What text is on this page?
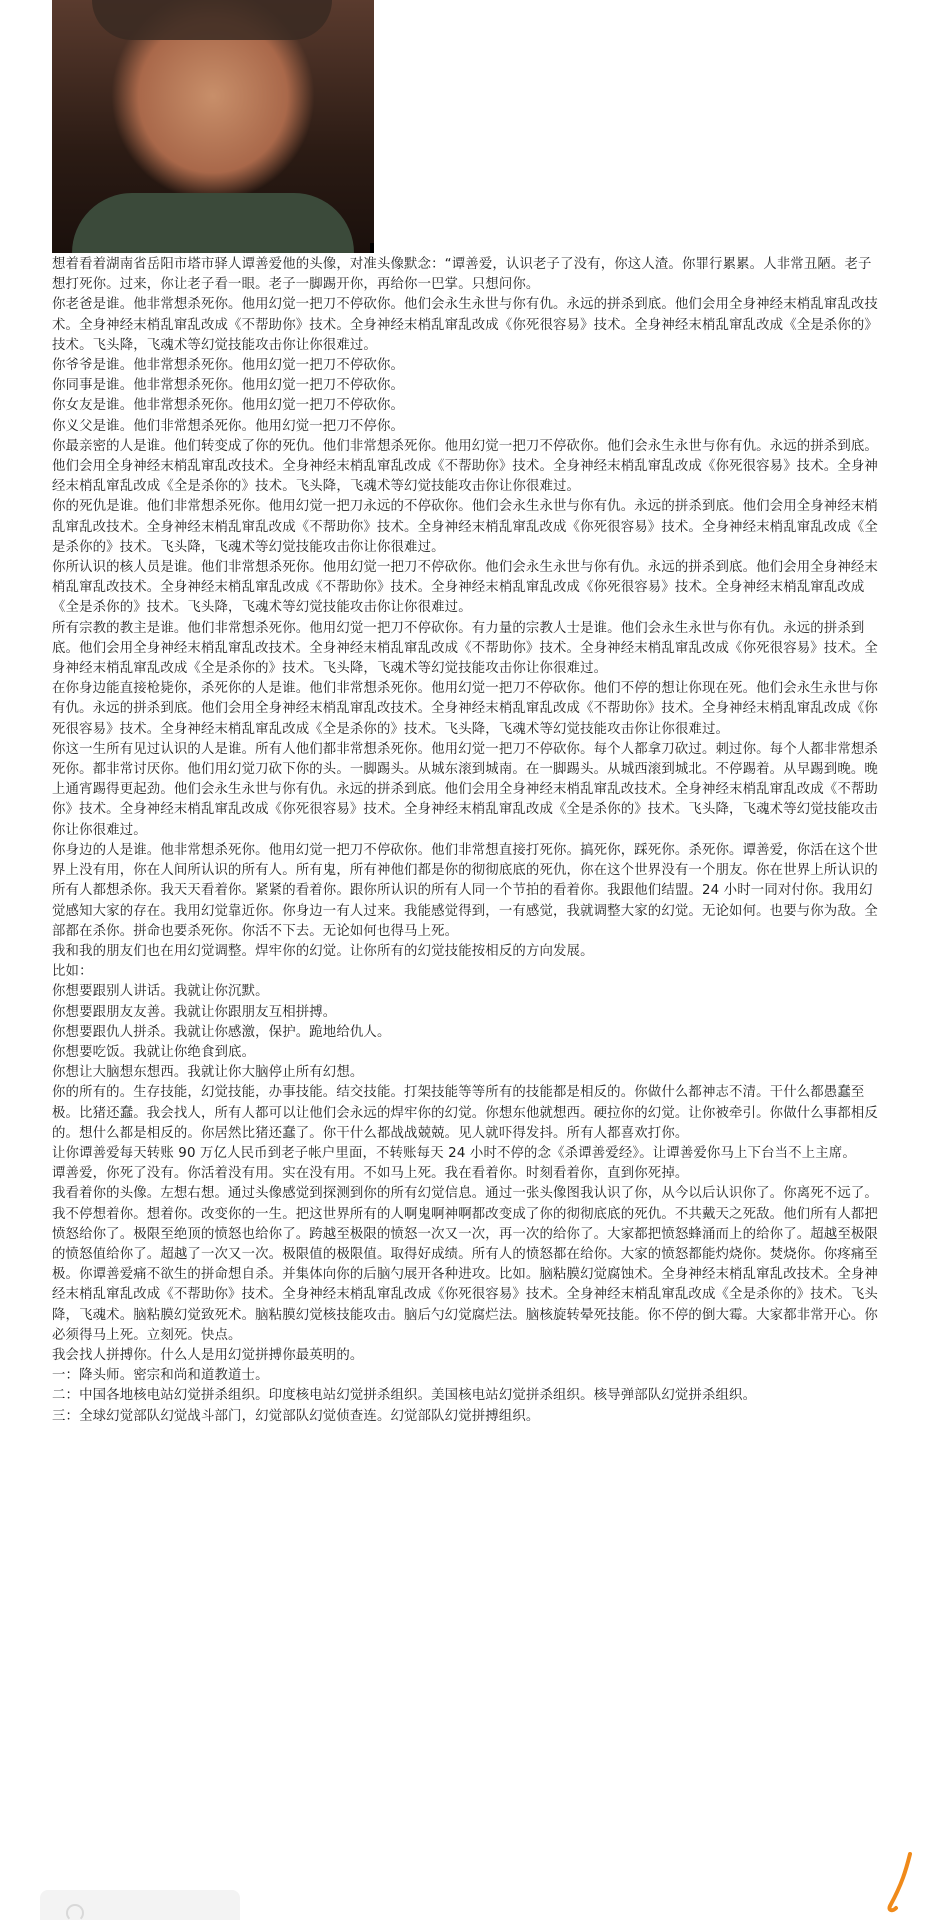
想着看着湖南省岳阳市塔市驿人谭善爱他的头像，对准头像默念：“谭善爱，认识老子了没有，你这人渣。你罪行累累。人非常丑陋。老子想打死你。过来，你让老子看一眼。老子一脚踢开你，再给你一巴掌。只想问你。

你老爸是谁。他非常想杀死你。他用幻觉一把刀不停砍你。他们会永生永世与你有仇。永远的拼杀到底。他们会用全身神经末梢乱窜乱改技术。全身神经末梢乱窜乱改成《不帮助你》技术。全身神经末梢乱窜乱改成《你死很容易》技术。全身神经末梢乱窜乱改成《全是杀你的》技术。飞头降，飞魂术等幻觉技能攻击你让你很难过。

你爷爷是谁。他非常想杀死你。他用幻觉一把刀不停砍你。

你同事是谁。他非常想杀死你。他用幻觉一把刀不停砍你。

你女友是谁。他非常想杀死你。他用幻觉一把刀不停砍你。

你义父是谁。他们非常想杀死你。他用幻觉一把刀不停你。

你最亲密的人是谁。他们转变成了你的死仇。他们非常想杀死你。他用幻觉一把刀不停砍你。他们会永生永世与你有仇。永远的拼杀到底。他们会用全身神经末梢乱窜乱改技术。全身神经末梢乱窜乱改成《不帮助你》技术。全身神经末梢乱窜乱改成《你死很容易》技术。全身神经末梢乱窜乱改成《全是杀你的》技术。飞头降，飞魂术等幻觉技能攻击你让你很难过。

你的死仇是谁。他们非常想杀死你。他用幻觉一把刀永远的不停砍你。他们会永生永世与你有仇。永远的拼杀到底。他们会用全身神经末梢乱窜乱改技术。全身神经末梢乱窜乱改成《不帮助你》技术。全身神经末梢乱窜乱改成《你死很容易》技术。全身神经末梢乱窜乱改成《全是杀你的》技术。飞头降，飞魂术等幻觉技能攻击你让你很难过。

你所认识的核人员是谁。他们非常想杀死你。他用幻觉一把刀不停砍你。他们会永生永世与你有仇。永远的拼杀到底。他们会用全身神经末梢乱窜乱改技术。全身神经末梢乱窜乱改成《不帮助你》技术。全身神经末梢乱窜乱改成《你死很容易》技术。全身神经末梢乱窜乱改成《全是杀你的》技术。飞头降，飞魂术等幻觉技能攻击你让你很难过。

所有宗教的教主是谁。他们非常想杀死你。他用幻觉一把刀不停砍你。有力量的宗教人士是谁。他们会永生永世与你有仇。永远的拼杀到底。他们会用全身神经末梢乱窜乱改技术。全身神经末梢乱窜乱改成《不帮助你》技术。全身神经末梢乱窜乱改成《你死很容易》技术。全身神经末梢乱窜乱改成《全是杀你的》技术。飞头降，飞魂术等幻觉技能攻击你让你很难过。

在你身边能直接枪毙你，杀死你的人是谁。他们非常想杀死你。他用幻觉一把刀不停砍你。他们不停的想让你现在死。他们会永生永世与你有仇。永远的拼杀到底。他们会用全身神经末梢乱窜乱改技术。全身神经末梢乱窜乱改成《不帮助你》技术。全身神经末梢乱窜乱改成《你死很容易》技术。全身神经末梢乱窜乱改成《全是杀你的》技术。飞头降，飞魂术等幻觉技能攻击你让你很难过。

你这一生所有见过认识的人是谁。所有人他们都非常想杀死你。他用幻觉一把刀不停砍你。每个人都拿刀砍过。刺过你。每个人都非常想杀死你。都非常讨厌你。他们用幻觉刀砍下你的头。一脚踢头。从城东滚到城南。在一脚踢头。从城西滚到城北。不停踢着。从早踢到晚。晚上通宵踢得更起劲。他们会永生永世与你有仇。永远的拼杀到底。他们会用全身神经末梢乱窜乱改技术。全身神经末梢乱窜乱改成《不帮助你》技术。全身神经末梢乱窜乱改成《你死很容易》技术。全身神经末梢乱窜乱改成《全是杀你的》技术。飞头降，飞魂术等幻觉技能攻击你让你很难过。

你身边的人是谁。他非常想杀死你。他用幻觉一把刀不停砍你。他们非常想直接打死你。搞死你，踩死你。杀死你。谭善爱，你活在这个世界上没有用，你在人间所认识的所有人。所有鬼，所有神他们都是你的彻彻底底的死仇，你在这个世界没有一个朋友。你在世界上所认识的所有人都想杀你。我天天看着你。紧紧的看着你。跟你所认识的所有人同一个节拍的看着你。我跟他们结盟。24 小时一同对付你。我用幻觉感知大家的存在。我用幻觉靠近你。你身边一有人过来。我能感觉得到，一有感觉，我就调整大家的幻觉。无论如何。也要与你为敌。全部都在杀你。拼命也要杀死你。你活不下去。无论如何也得马上死。

我和我的朋友们也在用幻觉调整。焊牢你的幻觉。让你所有的幻觉技能按相反的方向发展。

比如：

你想要跟别人讲话。我就让你沉默。

你想要跟朋友友善。我就让你跟朋友互相拼搏。

你想要跟仇人拼杀。我就让你感激，保护。跪地给仇人。

你想要吃饭。我就让你绝食到底。

你想让大脑想东想西。我就让你大脑停止所有幻想。

你的所有的。生存技能，幻觉技能，办事技能。结交技能。打架技能等等所有的技能都是相反的。你做什么都神志不清。干什么都愚蠢至极。比猪还蠢。我会找人，所有人都可以让他们会永远的焊牢你的幻觉。你想东他就想西。硬拉你的幻觉。让你被牵引。你做什么事都相反的。想什么都是相反的。你居然比猪还蠢了。你干什么都战战兢兢。见人就吓得发抖。所有人都喜欢打你。

让你谭善爱每天转账 90 万亿人民币到老子帐户里面，不转账每天 24 小时不停的念《杀谭善爱经》。让谭善爱你马上下台当不上主席。

谭善爱，你死了没有。你活着没有用。实在没有用。不如马上死。我在看着你。时刻看着你，直到你死掉。

我看着你的头像。左想右想。通过头像感觉到探测到你的所有幻觉信息。通过一张头像图我认识了你，从今以后认识你了。你离死不远了。我不停想着你。想着你。改变你的一生。把这世界所有的人啊鬼啊神啊都改变成了你的彻彻底底的死仇。不共戴天之死敌。他们所有人都把愤怒给你了。极限至绝顶的愤怒也给你了。跨越至极限的愤怒一次又一次，再一次的给你了。大家都把愤怒蜂涌而上的给你了。超越至极限的愤怒值给你了。超越了一次又一次。极限值的极限值。取得好成绩。所有人的愤怒都在给你。大家的愤怒都能灼烧你。焚烧你。你疼痛至极。你谭善爱痛不欲生的拼命想自杀。并集体向你的后脑勺展开各种进攻。比如。脑粘膜幻觉腐蚀术。全身神经末梢乱窜乱改技术。全身神经末梢乱窜乱改成《不帮助你》技术。全身神经末梢乱窜乱改成《你死很容易》技术。全身神经末梢乱窜乱改成《全是杀你的》技术。飞头降，飞魂术。脑粘膜幻觉致死术。脑粘膜幻觉核技能攻击。脑后勺幻觉腐烂法。脑核旋转晕死技能。你不停的倒大霉。大家都非常开心。你必须得马上死。立刻死。快点。

我会找人拼搏你。什么人是用幻觉拼搏你最英明的。

一：降头师。密宗和尚和道教道士。

二：中国各地核电站幻觉拼杀组织。印度核电站幻觉拼杀组织。美国核电站幻觉拼杀组织。核导弹部队幻觉拼杀组织。

三：全球幻觉部队幻觉战斗部门，幻觉部队幻觉侦查连。幻觉部队幻觉拼搏组织。
